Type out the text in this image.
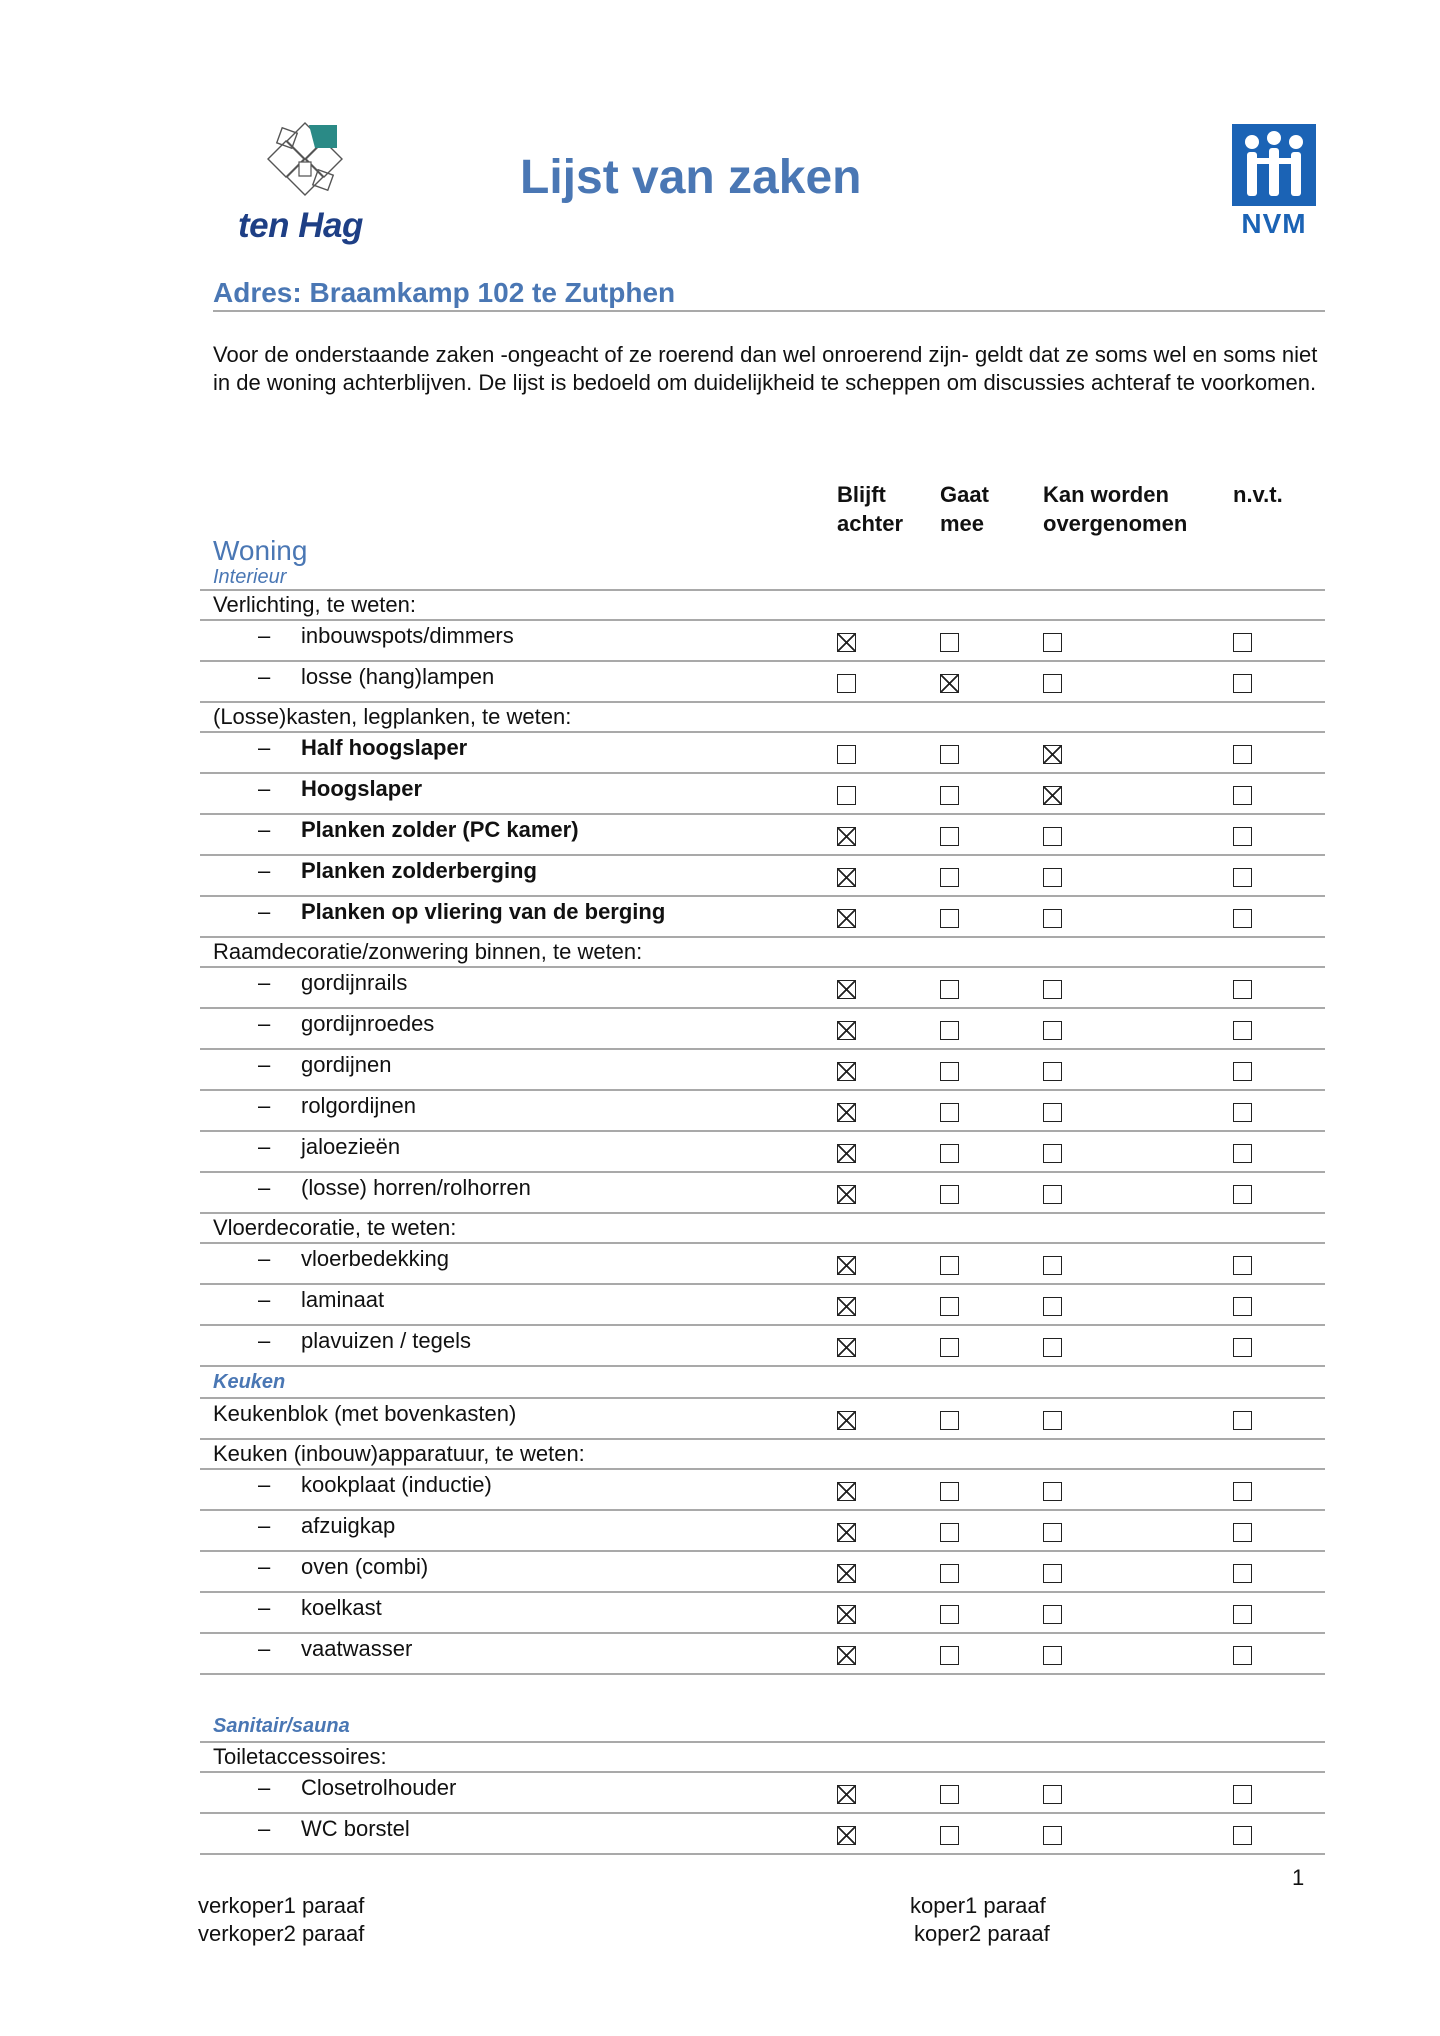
ten Hag
Lijst van zaken
NVM
Adres: Braamkamp 102 te Zutphen
Voor de onderstaande zaken -ongeacht of ze roerend dan wel onroerend zijn- geldt dat ze soms wel en soms niet in de woning achterblijven. De lijst is bedoeld om duidelijkheid te scheppen om discussies achteraf te voorkomen.
Blijft
achter
Gaat
mee
Kan worden
overgenomen
n.v.t.
Woning
Interieur
Verlichting, te weten:
– inbouwspots/dimmers
– losse (hang)lampen
(Losse)kasten, legplanken, te weten:
– Half hoogslaper
– Hoogslaper
– Planken zolder (PC kamer)
– Planken zolderberging
– Planken op vliering van de berging
Raamdecoratie/zonwering binnen, te weten:
– gordijnrails
– gordijnroedes
– gordijnen
– rolgordijnen
– jaloezieën
– (losse) horren/rolhorren
Vloerdecoratie, te weten:
– vloerbedekking
– laminaat
– plavuizen / tegels
Keuken
Keukenblok (met bovenkasten)
Keuken (inbouw)apparatuur, te weten:
– kookplaat (inductie)
– afzuigkap
– oven (combi)
– koelkast
– vaatwasser
Sanitair/sauna
Toiletaccessoires:
– Closetrolhouder
– WC borstel
1
verkoper1 paraaf
verkoper2 paraaf
koper1 paraaf
koper2 paraaf
